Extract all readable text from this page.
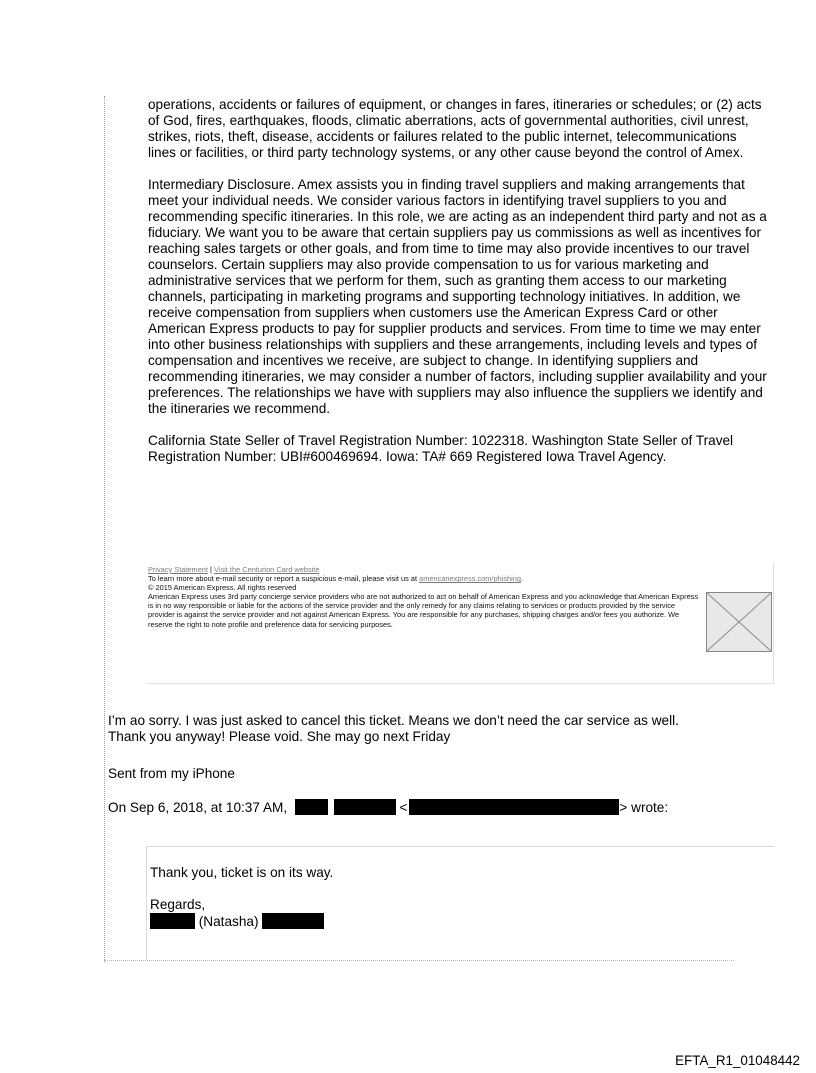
operations, accidents or failures of equipment, or changes in fares, itineraries or schedules; or (2) acts of God, fires, earthquakes, floods, climatic aberrations, acts of governmental authorities, civil unrest, strikes, riots, theft, disease, accidents or failures related to the public internet, telecommunications lines or facilities, or third party technology systems, or any other cause beyond the control of Amex.

Intermediary Disclosure. Amex assists you in finding travel suppliers and making arrangements that meet your individual needs. We consider various factors in identifying travel suppliers to you and recommending specific itineraries. In this role, we are acting as an independent third party and not as a fiduciary. We want you to be aware that certain suppliers pay us commissions as well as incentives for reaching sales targets or other goals, and from time to time may also provide incentives to our travel counselors. Certain suppliers may also provide compensation to us for various marketing and administrative services that we perform for them, such as granting them access to our marketing channels, participating in marketing programs and supporting technology initiatives. In addition, we receive compensation from suppliers when customers use the American Express Card or other American Express products to pay for supplier products and services. From time to time we may enter into other business relationships with suppliers and these arrangements, including levels and types of compensation and incentives we receive, are subject to change. In identifying suppliers and recommending itineraries, we may consider a number of factors, including supplier availability and your preferences. The relationships we have with suppliers may also influence the suppliers we identify and the itineraries we recommend.

California State Seller of Travel Registration Number: 1022318. Washington State Seller of Travel Registration Number: UBI#600469694. Iowa: TA# 669 Registered Iowa Travel Agency.

Privacy Statement | Visit the Centurion Card website
To learn more about e-mail security or report a suspicious e-mail, please visit us at americanexpress.com/phishing.
© 2015 American Express. All rights reserved
American Express uses 3rd party concierge service providers who are not authorized to act on behalf of American Express and you acknowledge that American Express is in no way responsible or liable for the actions of the service provider and the only remedy for any claims relating to services or products provided by the service provider is against the service provider and not against American Express. You are responsible for any purchases, shipping charges and/or fees you authorize. We reserve the right to note profile and preference data for servicing purposes.
I’m ao sorry. I was just asked to cancel this ticket. Means we don’t need the car service as well.
Thank you anyway! Please void. She may go next Friday
Sent from my iPhone
On Sep 6, 2018, at 10:37 AM,	<	> wrote:

Thank you, ticket is on its way.

Regards,

(Natasha)

EFTA_R1_01048442
